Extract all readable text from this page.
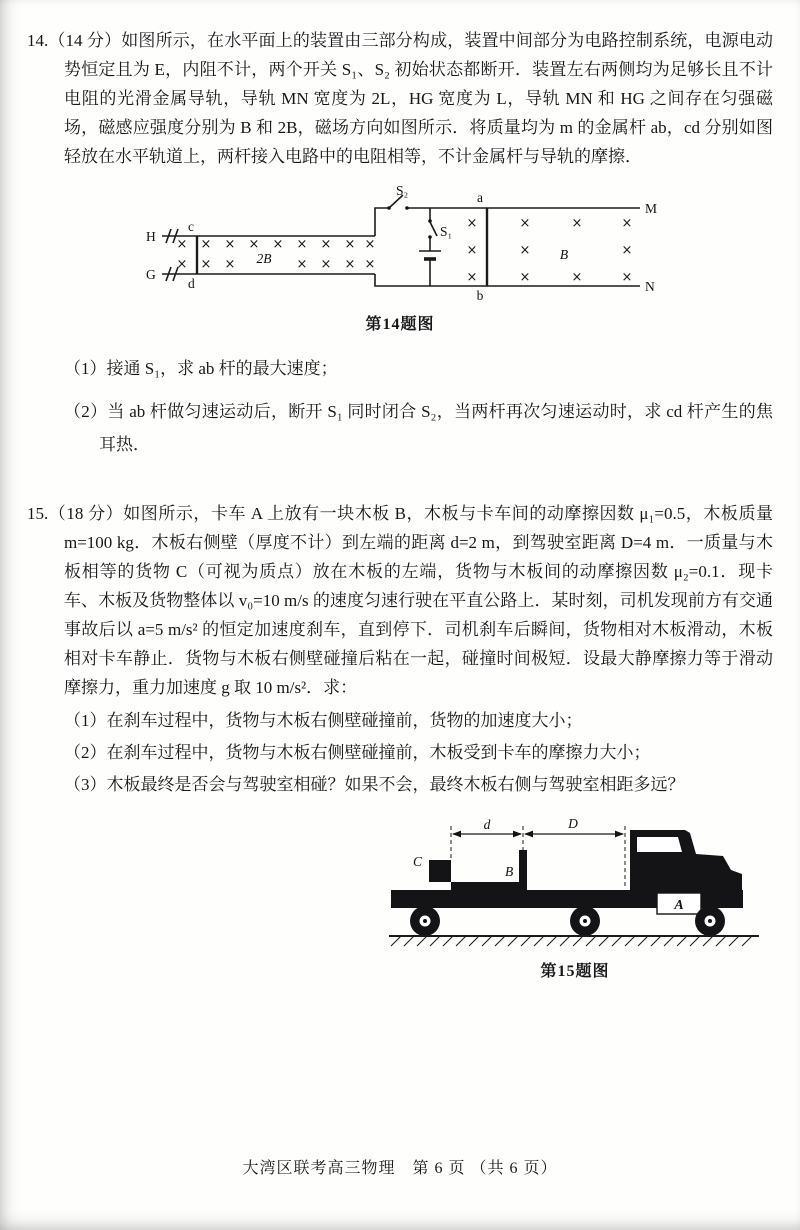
14.（14 分）如图所示，在水平面上的装置由三部分构成，装置中间部分为电路控制系统，电源电动势恒定且为 E，内阻不计，两个开关 S₁、S₂ 初始状态都断开．装置左右两侧均为足够长且不计电阻的光滑金属导轨，导轨 MN 宽度为 2L，HG 宽度为 L，导轨 MN 和 HG 之间存在匀强磁场，磁感应强度分别为 B 和 2B，磁场方向如图所示．将质量均为 m 的金属杆 ab，cd 分别如图轻放在水平轨道上，两杆接入电路中的电阻相等，不计金属杆与导轨的摩擦．

× × × × × × × × ×
× × ×	× × × ×
×	×	×	×
×	×	×
×	×	×	×
H
G
c
d
S₂
S₁
a
b
M
N
2B	B
第14题图

（1）接通 S₁，求 ab 杆的最大速度；

（2）当 ab 杆做匀速运动后，断开 S₁ 同时闭合 S₂，当两杆再次匀速运动时，求 cd 杆产生的焦耳热．

15.（18 分）如图所示，卡车 A 上放有一块木板 B，木板与卡车间的动摩擦因数 μ₁=0.5，木板质量 m=100 kg．木板右侧壁（厚度不计）到左端的距离 d=2 m，到驾驶室距离 D=4 m．一质量与木板相等的货物 C（可视为质点）放在木板的左端，货物与木板间的动摩擦因数 μ₂=0.1．现卡车、木板及货物整体以 v₀=10 m/s 的速度匀速行驶在平直公路上．某时刻，司机发现前方有交通事故后以 a=5 m/s² 的恒定加速度刹车，直到停下．司机刹车后瞬间，货物相对木板滑动，木板相对卡车静止．货物与木板右侧壁碰撞后粘在一起，碰撞时间极短．设最大静摩擦力等于滑动摩擦力，重力加速度 g 取 10 m/s²．求：

（1）在刹车过程中，货物与木板右侧壁碰撞前，货物的加速度大小；

（2）在刹车过程中，货物与木板右侧壁碰撞前，木板受到卡车的摩擦力大小；

（3）木板最终是否会与驾驶室相碰？如果不会，最终木板右侧与驾驶室相距多远？

d	D
A
B
C
第15题图
大湾区联考高三物理　第 6 页 （共 6 页）
